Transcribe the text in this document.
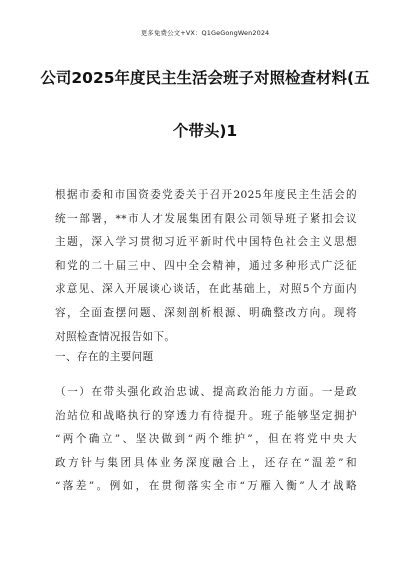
更多免费公文+VX：Q1GeGongWen2024
公司2025年度民主生活会班子对照检查材料(五
个带头)1
根据市委和市国资委党委关于召开2025年度民主生活会的
统一部署，**市人才发展集团有限公司领导班子紧扣会议
主题，深入学习贯彻习近平新时代中国特色社会主义思想
和党的二十届三中、四中全会精神，通过多种形式广泛征
求意见、深入开展谈心谈话，在此基础上，对照5个方面内
容，全面查摆问题、深刻剖析根源、明确整改方向。现将
对照检查情况报告如下。
一、存在的主要问题
（一）在带头强化政治忠诚、提高政治能力方面。一是政
治站位和战略执行的穿透力有待提升。班子能够坚定拥护
“两个确立”、坚决做到“两个维护”，但在将党中央大
政方针与集团具体业务深度融合上，还存在“温差”和
“落差”。例如，在贯彻落实全市“万雁入衡”人才战略
